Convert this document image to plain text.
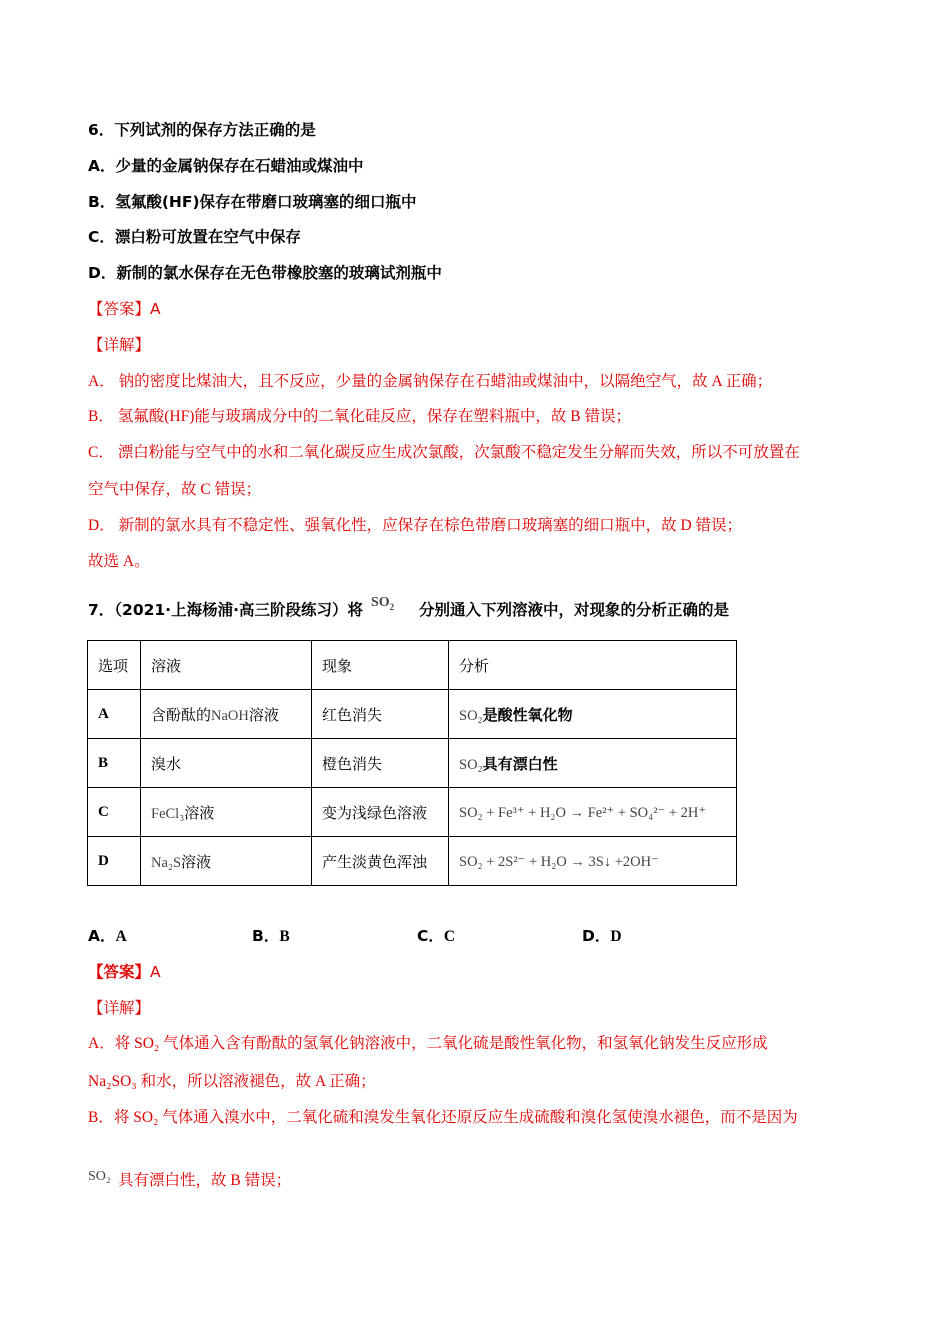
6．下列试剂的保存方法正确的是
A．少量的金属钠保存在石蜡油或煤油中
B．氢氟酸(HF)保存在带磨口玻璃塞的细口瓶中
C．漂白粉可放置在空气中保存
D．新制的氯水保存在无色带橡胶塞的玻璃试剂瓶中
【答案】A
【详解】
A． 钠的密度比煤油大，且不反应，少量的金属钠保存在石蜡油或煤油中，以隔绝空气，故 A 正确；
B． 氢氟酸(HF)能与玻璃成分中的二氧化硅反应，保存在塑料瓶中，故 B 错误；
C． 漂白粉能与空气中的水和二氧化碳反应生成次氯酸，次氯酸不稳定发生分解而失效，所以不可放置在
空气中保存，故 C 错误；
D． 新制的氯水具有不稳定性、强氧化性，应保存在棕色带磨口玻璃塞的细口瓶中，故 D 错误；
故选 A。
7．（2021·上海杨浦·高三阶段练习）将 $SO_2$ 分别通入下列溶液中，对现象的分析正确的是
选项	溶液	现象	分析
A	含酚酞的NaOH溶液	红色消失	SO₂是酸性氧化物
B	溴水	橙色消失	SO₂具有漂白性
C	FeCl₃溶液	变为浅绿色溶液	SO₂ + Fe³⁺ + H₂O → Fe²⁺ + SO₄²⁻ + 2H⁺
D	Na₂S溶液	产生淡黄色浑浊	SO₂ + 2S²⁻ + H₂O → 3S↓ +2OH⁻
A．A	B．B	C．C	D．D
【答案】A
【详解】
A．将 SO₂ 气体通入含有酚酞的氢氧化钠溶液中，二氧化硫是酸性氧化物，和氢氧化钠发生反应形成
Na₂SO₃ 和水，所以溶液褪色，故 A 正确；
B．将 SO₂ 气体通入溴水中，二氧化硫和溴发生氧化还原反应生成硫酸和溴化氢使溴水褪色，而不是因为
SO₂ 具有漂白性，故 B 错误；
